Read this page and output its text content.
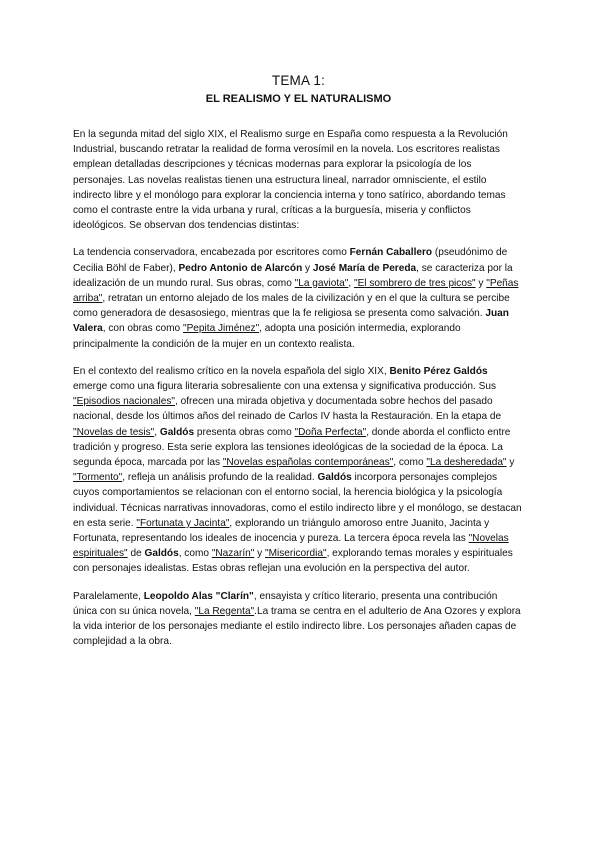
TEMA 1:
EL REALISMO Y EL NATURALISMO

En la segunda mitad del siglo XIX, el Realismo surge en España como respuesta a la Revolución Industrial, buscando retratar la realidad de forma verosímil en la novela. Los escritores realistas emplean detalladas descripciones y técnicas modernas para explorar la psicología de los personajes. Las novelas realistas tienen una estructura lineal, narrador omnisciente, el estilo indirecto libre y el monólogo para explorar la conciencia interna y tono satírico, abordando temas como el contraste entre la vida urbana y rural, críticas a la burguesía, miseria y conflictos ideológicos. Se observan dos tendencias distintas:

La tendencia conservadora, encabezada por escritores como Fernán Caballero (pseudónimo de Cecilia Böhl de Faber), Pedro Antonio de Alarcón y José María de Pereda, se caracteriza por la idealización de un mundo rural. Sus obras, como "La gaviota", "El sombrero de tres picos" y "Peñas arriba", retratan un entorno alejado de los males de la civilización y en el que la cultura se percibe como generadora de desasosiego, mientras que la fe religiosa se presenta como salvación. Juan Valera, con obras como "Pepita Jiménez", adopta una posición intermedia, explorando principalmente la condición de la mujer en un contexto realista.

En el contexto del realismo crítico en la novela española del siglo XIX, Benito Pérez Galdós emerge como una figura literaria sobresaliente con una extensa y significativa producción. Sus "Episodios nacionales", ofrecen una mirada objetiva y documentada sobre hechos del pasado nacional, desde los últimos años del reinado de Carlos IV hasta la Restauración. En la etapa de "Novelas de tesis", Galdós presenta obras como "Doña Perfecta", donde aborda el conflicto entre tradición y progreso. Esta serie explora las tensiones ideológicas de la sociedad de la época. La segunda época, marcada por las "Novelas españolas contemporáneas", como "La desheredada" y "Tormento", refleja un análisis profundo de la realidad. Galdós incorpora personajes complejos cuyos comportamientos se relacionan con el entorno social, la herencia biológica y la psicología individual. Técnicas narrativas innovadoras, como el estilo indirecto libre y el monólogo, se destacan en esta serie. "Fortunata y Jacinta", explorando un triángulo amoroso entre Juanito, Jacinta y Fortunata, representando los ideales de inocencia y pureza. La tercera época revela las "Novelas espirituales" de Galdós, como "Nazarín" y "Misericordia", explorando temas morales y espirituales con personajes idealistas. Estas obras reflejan una evolución en la perspectiva del autor.

Paralelamente, Leopoldo Alas "Clarín", ensayista y crítico literario, presenta una contribución única con su única novela, "La Regenta".La trama se centra en el adulterio de Ana Ozores y explora la vida interior de los personajes mediante el estilo indirecto libre. Los personajes añaden capas de complejidad a la obra.
